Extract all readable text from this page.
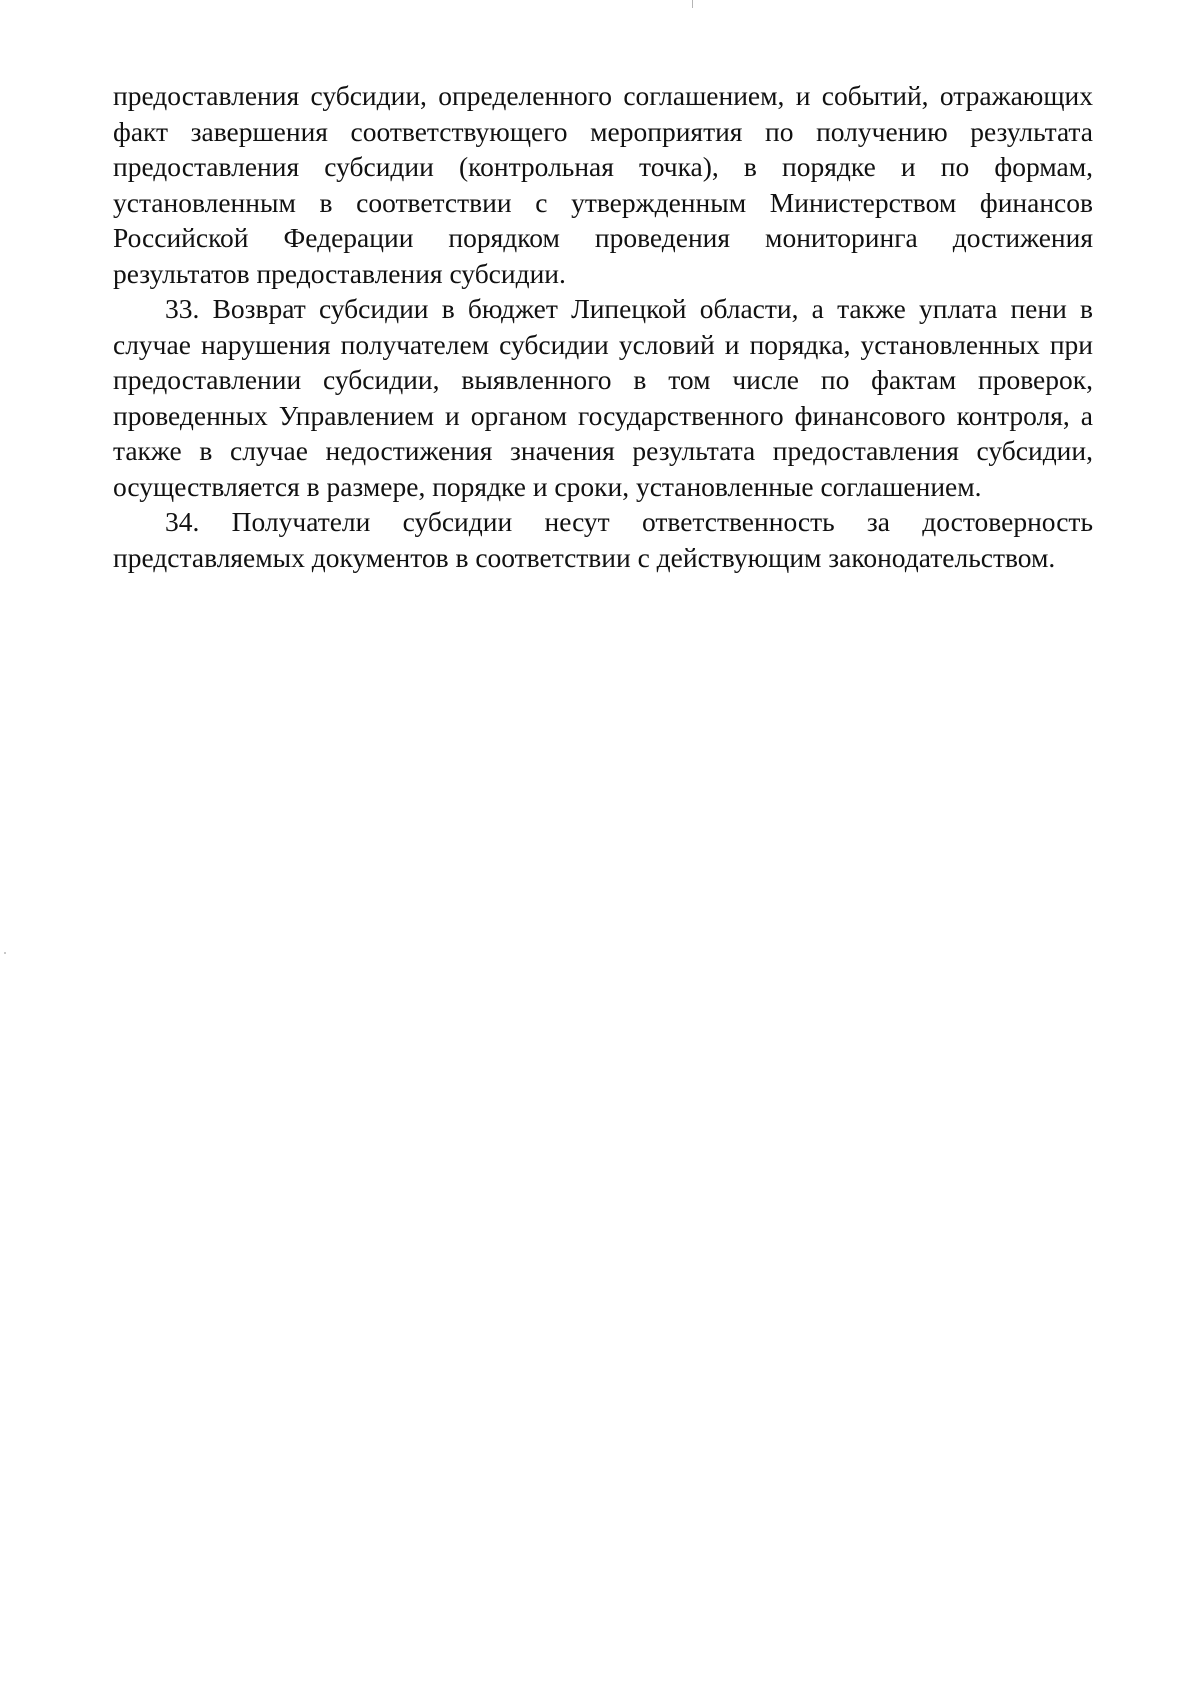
предоставления субсидии, определенного соглашением, и событий, отражающих факт завершения соответствующего мероприятия по получению результата предоставления субсидии (контрольная точка), в порядке и по формам, установленным в соответствии с утвержденным Министерством финансов Российской Федерации порядком проведения мониторинга достижения результатов предоставления субсидии.

33. Возврат субсидии в бюджет Липецкой области, а также уплата пени в случае нарушения получателем субсидии условий и порядка, установленных при предоставлении субсидии, выявленного в том числе по фактам проверок, проведенных Управлением и органом государственного финансового контроля, а также в случае недостижения значения результата предоставления субсидии, осуществляется в размере, порядке и сроки, установленные соглашением.

34. Получатели субсидии несут ответственность за достоверность представляемых документов в соответствии с действующим законодательством.
